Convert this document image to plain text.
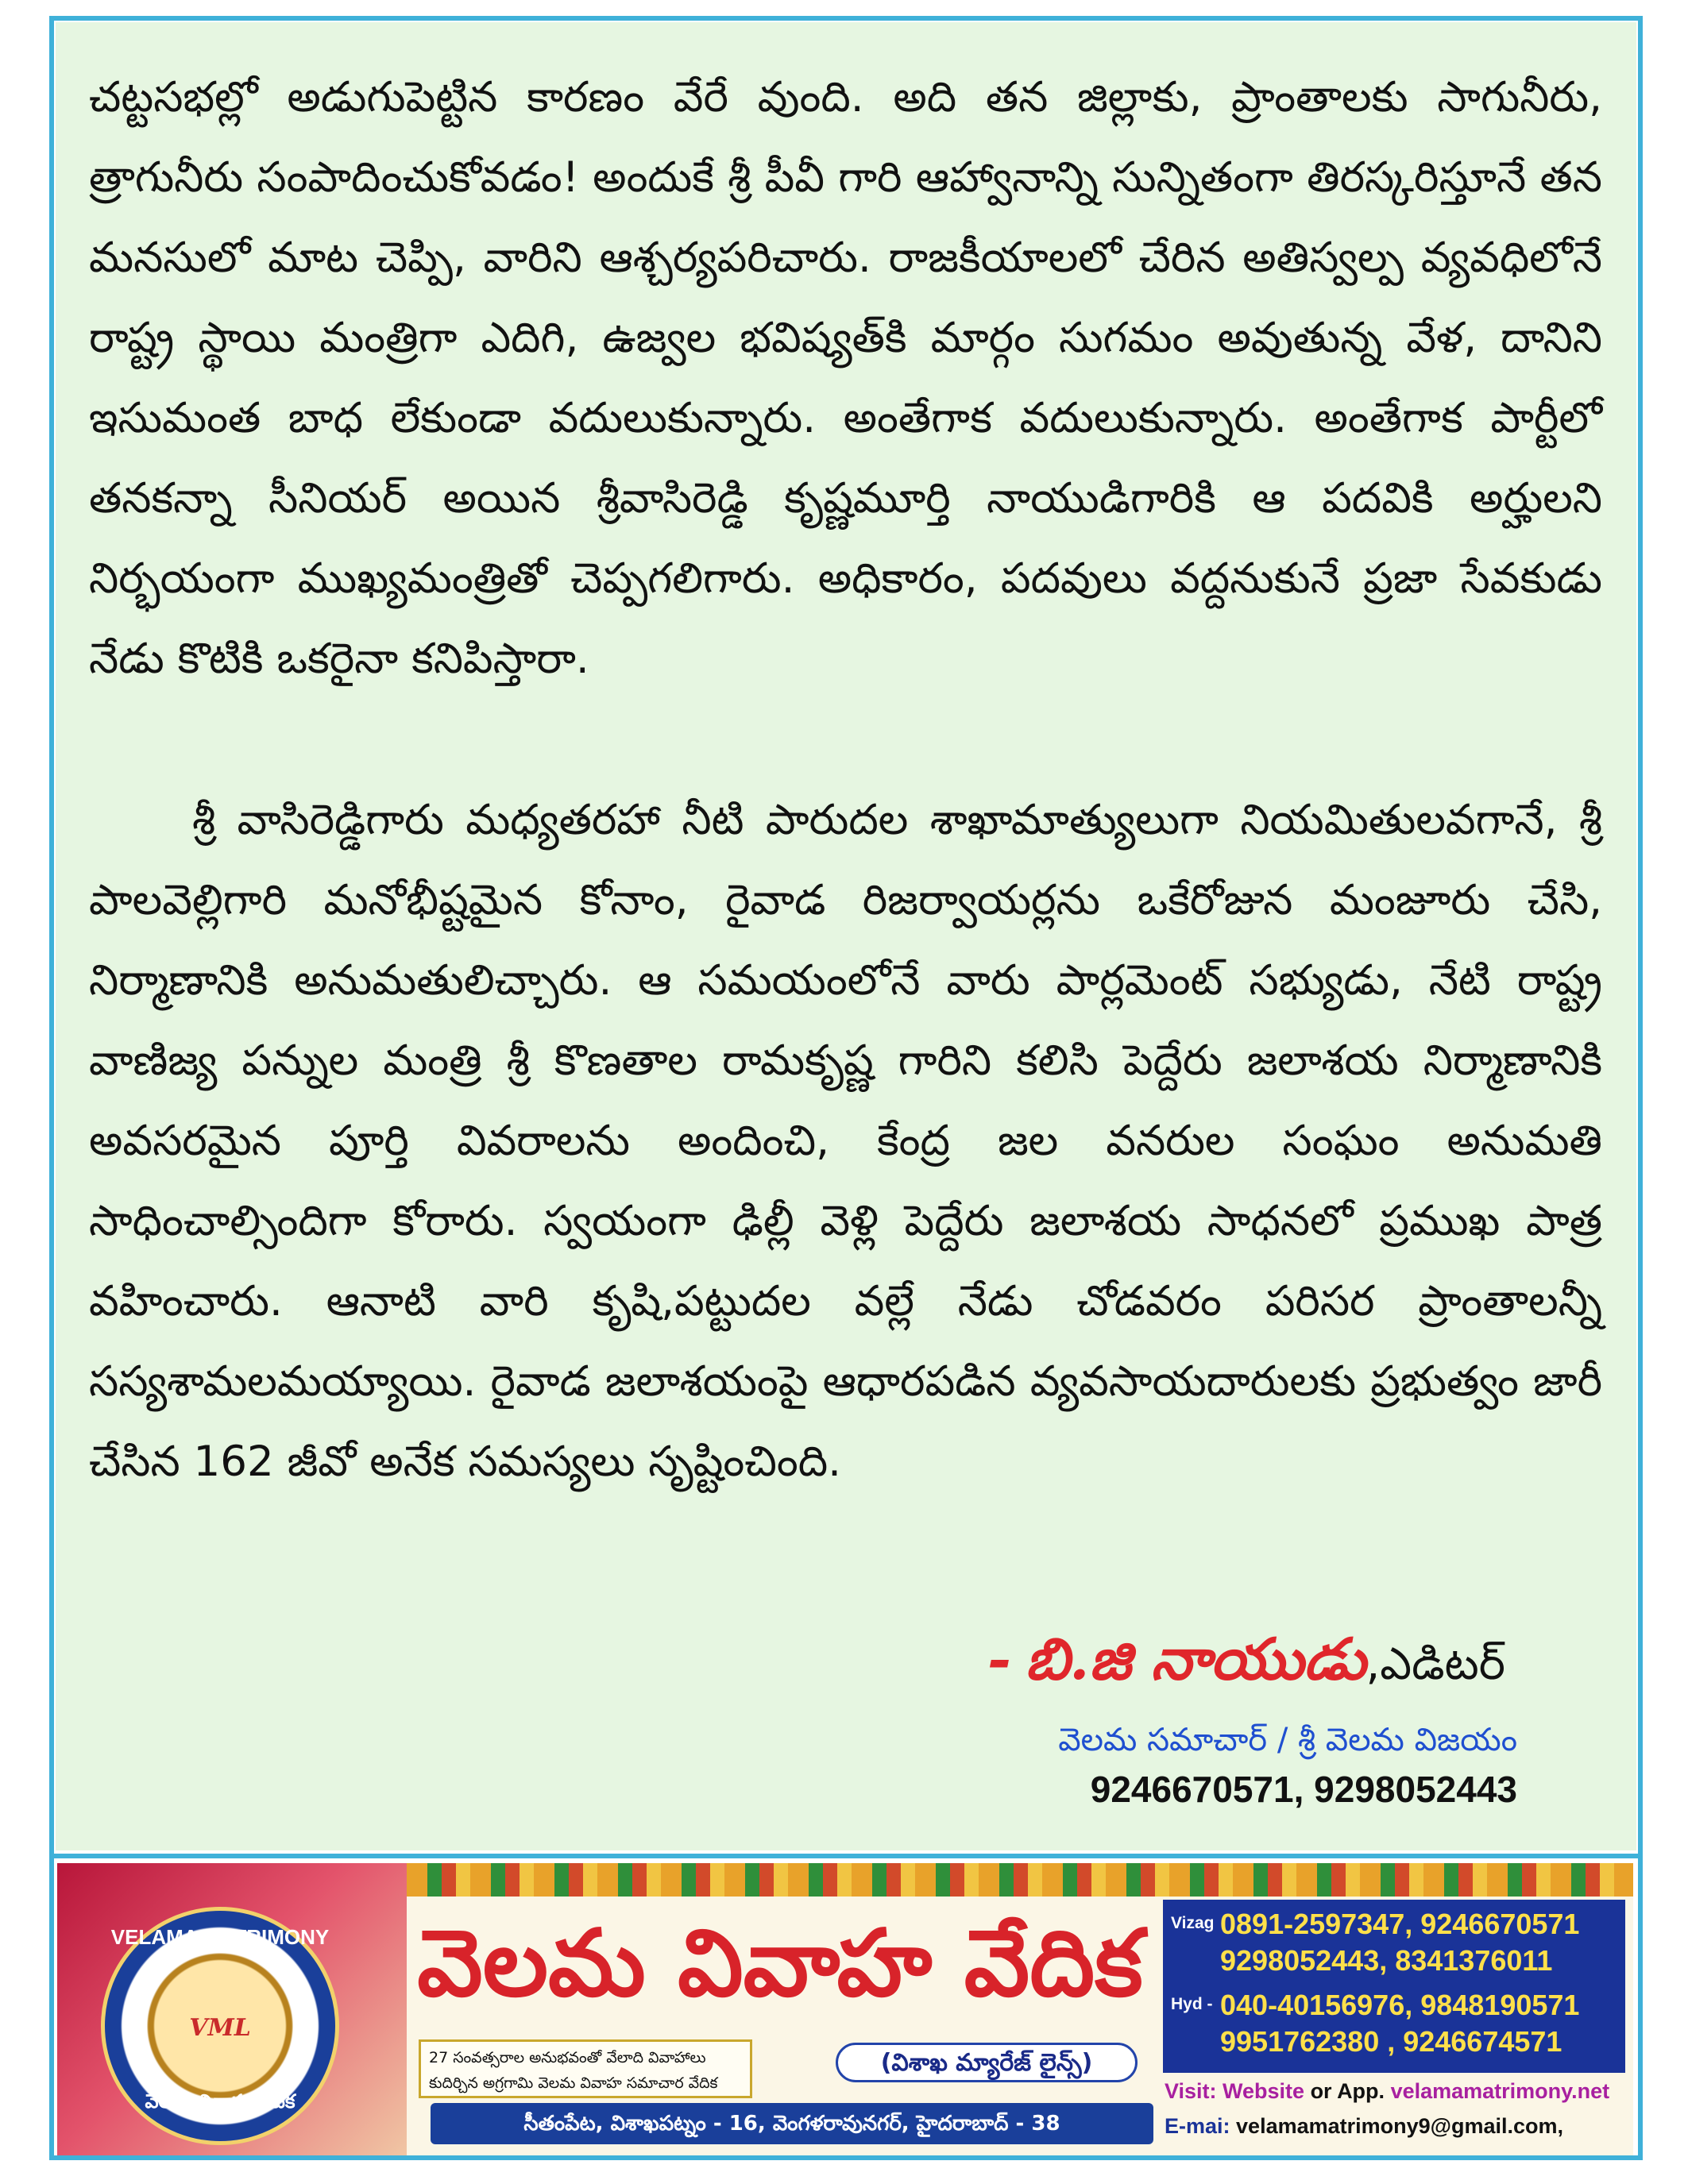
చట్టసభల్లో అడుగుపెట్టిన కారణం వేరే వుంది. అది తన జిల్లాకు, ప్రాంతాలకు సాగునీరు, త్రాగునీరు సంపాదించుకోవడం! అందుకే శ్రీ పీవీ గారి ఆహ్వానాన్ని సున్నితంగా తిరస్కరిస్తూనే తన మనసులో మాట చెప్పి, వారిని ఆశ్చర్యపరిచారు. రాజకీయాలలో చేరిన అతిస్వల్ప వ్యవధిలోనే రాష్ట్ర స్థాయి మంత్రిగా ఎదిగి, ఉజ్వల భవిష్యత్‌కి మార్గం సుగమం అవుతున్న వేళ, దానిని ఇసుమంత బాధ లేకుండా వదులుకున్నారు. అంతేగాక వదులుకున్నారు. అంతేగాక పార్టీలో తనకన్నా సీనియర్ అయిన శ్రీవాసిరెడ్డి కృష్ణమూర్తి నాయుడిగారికి ఆ పదవికి అర్హులని నిర్భయంగా ముఖ్యమంత్రితో చెప్పగలిగారు. అధికారం, పదవులు వద్దనుకునే ప్రజా సేవకుడు నేడు కొటికి ఒకరైనా కనిపిస్తారా.

శ్రీ వాసిరెడ్డిగారు మధ్యతరహా నీటి పారుదల శాఖామాత్యులుగా నియమితులవగానే, శ్రీ పాలవెల్లిగారి మనోభీష్టమైన కోనాం, రైవాడ రిజర్వాయర్లను ఒకేరోజున మంజూరు చేసి, నిర్మాణానికి అనుమతులిచ్చారు. ఆ సమయంలోనే వారు పార్లమెంట్ సభ్యుడు, నేటి రాష్ట్ర వాణిజ్య పన్నుల మంత్రి శ్రీ కొణతాల రామకృష్ణ గారిని కలిసి పెద్దేరు జలాశయ నిర్మాణానికి అవసరమైన పూర్తి వివరాలను అందించి, కేంద్ర జల వనరుల సంఘం అనుమతి సాధించాల్సిందిగా కోరారు. స్వయంగా ఢిల్లీ వెళ్లి పెద్దేరు జలాశయ సాధనలో ప్రముఖ పాత్ర వహించారు. ఆనాటి వారి కృషి,పట్టుదల వల్లే నేడు చోడవరం పరిసర ప్రాంతాలన్నీ సస్యశామలమయ్యాయి. రైవాడ జలాశయంపై ఆధారపడిన వ్యవసాయదారులకు ప్రభుత్వం జారీ చేసిన 162 జీవో అనేక సమస్యలు సృష్టించింది.

- బి.జి నాయుడు,ఎడిటర్
వెలమ సమాచార్ / శ్రీ వెలమ విజయం
9246670571, 9298052443
VELAMA MATRIMONY
VML
వెలమ వివాహ వేదిక
వెలమ వివాహ వేదిక
27 సంవత్సరాల అనుభవంతో వేలాది వివాహాలు
కుదిర్చిన అగ్రగామి వెలమ వివాహ సమాచార వేదిక
(విశాఖ మ్యారేజ్ లైన్స్)
సీతంపేట, విశాఖపట్నం - 16, వెంగళరావునగర్, హైదరాబాద్ - 38
Vizag 0891-2597347, 9246670571
9298052443, 8341376011
Hyd - 040-40156976, 9848190571
9951762380 , 9246674571
Visit: Website or App. velamamatrimony.net
E-mai: velamamatrimony9@gmail.com,
